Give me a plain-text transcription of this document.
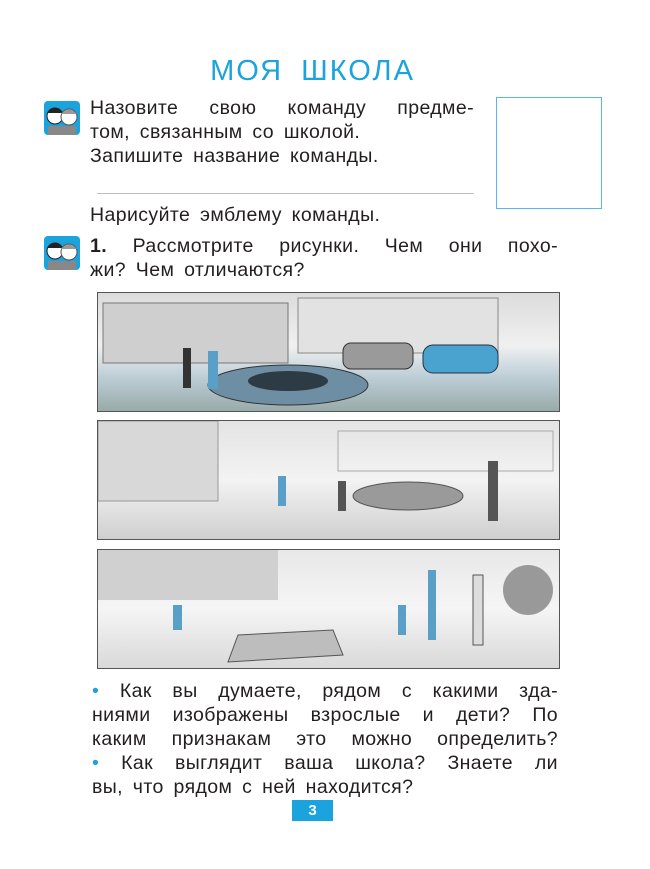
МОЯ ШКОЛА
Назовите свою команду предме-
том, связанным со школой.
Запишите название команды.
Нарисуйте эмблему команды.
1. Рассмотрите рисунки. Чем они похо-
жи? Чем отличаются?
• Как вы думаете, рядом с какими зда-
ниями изображены взрослые и дети? По
каким признакам это можно определить?
• Как выглядит ваша школа? Знаете ли
вы, что рядом с ней находится?
3
